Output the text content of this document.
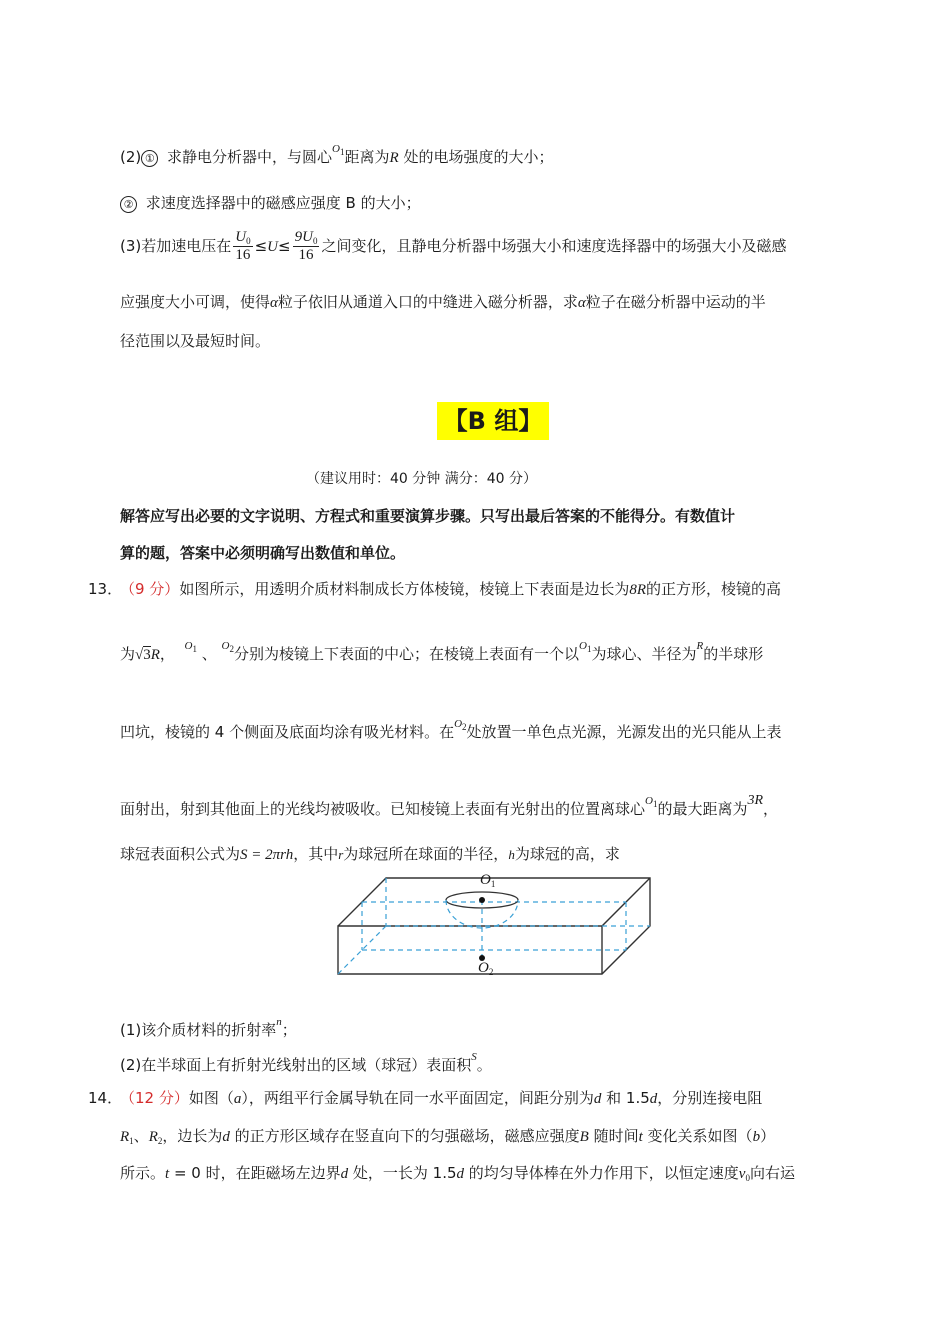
(2) ① 求静电分析器中，与圆心$^{O_1}$距离为R 处的电场强度的大小；
② 求速度选择器中的磁感应强度 B 的大小；
(3)若加速电压在 $\frac{U_0}{16} \le U\le \frac{9U_0}{16}$ 之间变化，且静电分析器中场强大小和速度选择器中的场强大小及磁感
应强度大小可调，使得α粒子依旧从通道入口的中缝进入磁分析器，求α粒子在磁分析器中运动的半
径范围以及最短时间。
【B 组】
（建议用时：40 分钟 满分：40 分）
解答应写出必要的文字说明、方程式和重要演算步骤。只写出最后答案的不能得分。有数值计
算的题，答案中必须明确写出数值和单位。
13．
（9 分）如图所示，用透明介质材料制成长方体棱镜，棱镜上下表面是边长为8R的正方形，棱镜的高
为√3R， $^{O_1}$ 、 $^{O_2}$分别为棱镜上下表面的中心；在棱镜上表面有一个以$^{O_1}$为球心、半径为$^R$的半球形
凹坑，棱镜的 4 个侧面及底面均涂有吸光材料。在$^{O_2}$处放置一单色点光源，光源发出的光只能从上表
面射出，射到其他面上的光线均被吸收。已知棱镜上表面有光射出的位置离球心$^{O_1}$的最大距离为3R，
球冠表面积公式为S = 2πrh，其中r为球冠所在球面的半径，h为球冠的高，求
$O_1$
$O_2$
(1)该介质材料的折射率$^n$；
(2)在半球面上有折射光线射出的区域（球冠）表面积$^S$。
14．
（12 分）如图（a），两组平行金属导轨在同一水平面固定，间距分别为d 和 1.5d，分别连接电阻
$R_1$、$R_2$，边长为d 的正方形区域存在竖直向下的匀强磁场，磁感应强度B 随时间t 变化关系如图（b）
所示。t = 0 时，在距磁场左边界d 处，一长为 1.5d 的均匀导体棒在外力作用下，以恒定速度$v_0$向右运
